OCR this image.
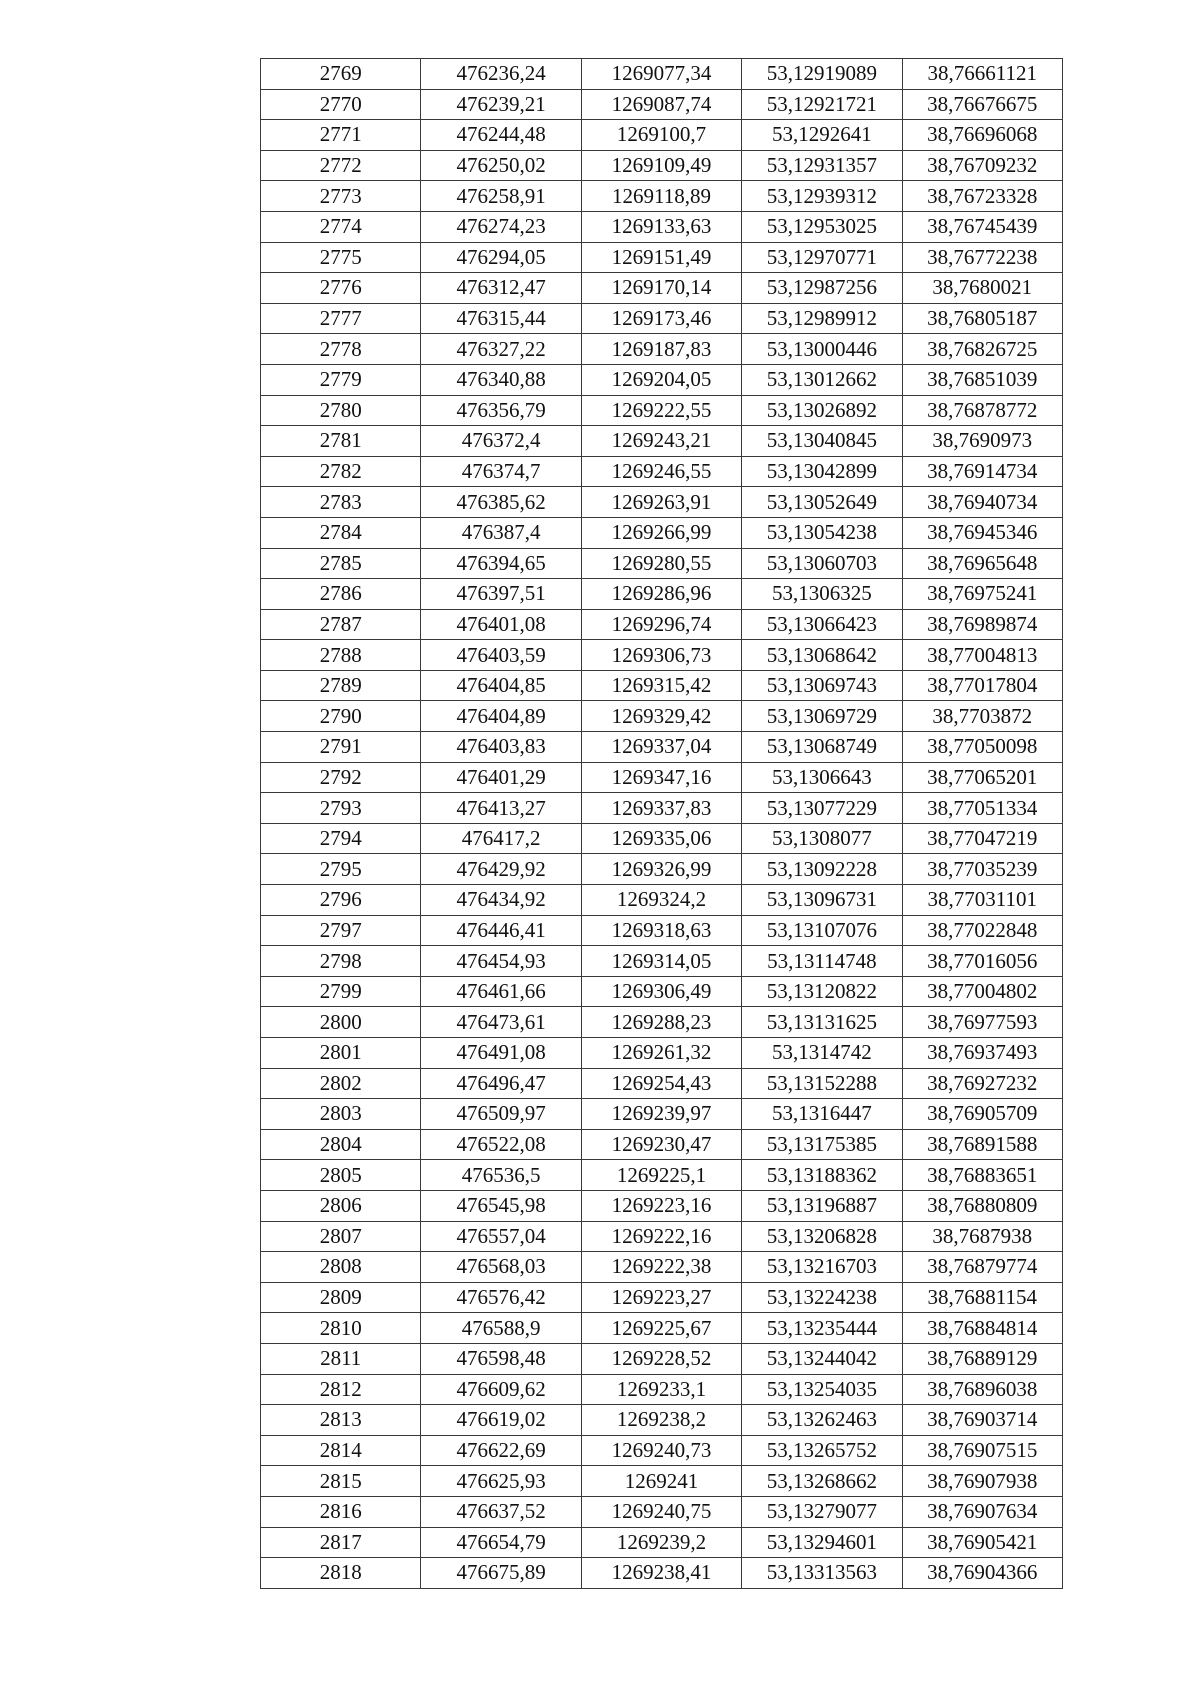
2769	476236,24	1269077,34	53,12919089	38,76661121
2770	476239,21	1269087,74	53,12921721	38,76676675
2771	476244,48	1269100,7	53,1292641	38,76696068
2772	476250,02	1269109,49	53,12931357	38,76709232
2773	476258,91	1269118,89	53,12939312	38,76723328
2774	476274,23	1269133,63	53,12953025	38,76745439
2775	476294,05	1269151,49	53,12970771	38,76772238
2776	476312,47	1269170,14	53,12987256	38,7680021
2777	476315,44	1269173,46	53,12989912	38,76805187
2778	476327,22	1269187,83	53,13000446	38,76826725
2779	476340,88	1269204,05	53,13012662	38,76851039
2780	476356,79	1269222,55	53,13026892	38,76878772
2781	476372,4	1269243,21	53,13040845	38,7690973
2782	476374,7	1269246,55	53,13042899	38,76914734
2783	476385,62	1269263,91	53,13052649	38,76940734
2784	476387,4	1269266,99	53,13054238	38,76945346
2785	476394,65	1269280,55	53,13060703	38,76965648
2786	476397,51	1269286,96	53,1306325	38,76975241
2787	476401,08	1269296,74	53,13066423	38,76989874
2788	476403,59	1269306,73	53,13068642	38,77004813
2789	476404,85	1269315,42	53,13069743	38,77017804
2790	476404,89	1269329,42	53,13069729	38,7703872
2791	476403,83	1269337,04	53,13068749	38,77050098
2792	476401,29	1269347,16	53,1306643	38,77065201
2793	476413,27	1269337,83	53,13077229	38,77051334
2794	476417,2	1269335,06	53,1308077	38,77047219
2795	476429,92	1269326,99	53,13092228	38,77035239
2796	476434,92	1269324,2	53,13096731	38,77031101
2797	476446,41	1269318,63	53,13107076	38,77022848
2798	476454,93	1269314,05	53,13114748	38,77016056
2799	476461,66	1269306,49	53,13120822	38,77004802
2800	476473,61	1269288,23	53,13131625	38,76977593
2801	476491,08	1269261,32	53,1314742	38,76937493
2802	476496,47	1269254,43	53,13152288	38,76927232
2803	476509,97	1269239,97	53,1316447	38,76905709
2804	476522,08	1269230,47	53,13175385	38,76891588
2805	476536,5	1269225,1	53,13188362	38,76883651
2806	476545,98	1269223,16	53,13196887	38,76880809
2807	476557,04	1269222,16	53,13206828	38,7687938
2808	476568,03	1269222,38	53,13216703	38,76879774
2809	476576,42	1269223,27	53,13224238	38,76881154
2810	476588,9	1269225,67	53,13235444	38,76884814
2811	476598,48	1269228,52	53,13244042	38,76889129
2812	476609,62	1269233,1	53,13254035	38,76896038
2813	476619,02	1269238,2	53,13262463	38,76903714
2814	476622,69	1269240,73	53,13265752	38,76907515
2815	476625,93	1269241	53,13268662	38,76907938
2816	476637,52	1269240,75	53,13279077	38,76907634
2817	476654,79	1269239,2	53,13294601	38,76905421
2818	476675,89	1269238,41	53,13313563	38,76904366
